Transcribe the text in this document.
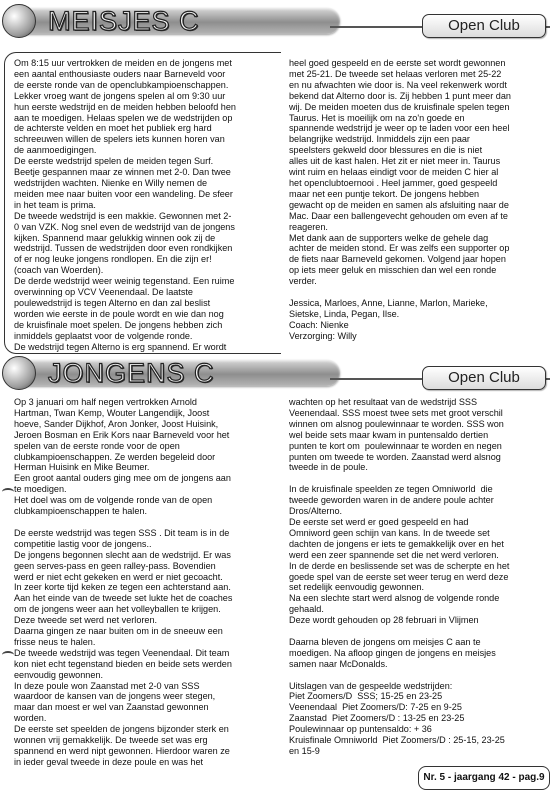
MEISJES C	Open Club

Om 8:15 uur vertrokken de meiden en de jongens met
een aantal enthousiaste ouders naar Barneveld voor
de eerste ronde van de openclubkampioenschappen.
Lekker vroeg want de jongens spelen al om 9:30 uur
hun eerste wedstrijd en de meiden hebben beloofd hen
aan te moedigen. Helaas spelen we de wedstrijden op
de achterste velden en moet het publiek erg hard
schreeuwen willen de spelers iets kunnen horen van
de aanmoedigingen.
De eerste wedstrijd spelen de meiden tegen Surf.
Beetje gespannen maar ze winnen met 2-0. Dan twee
wedstrijden wachten. Nienke en Willy nemen de
meiden mee naar buiten voor een wandeling. De sfeer
in het team is prima.
De tweede wedstrijd is een makkie. Gewonnen met 2-
0 van VZK. Nog snel even de wedstrijd van de jongens
kijken. Spannend maar gelukkig winnen ook zij de
wedstrijd. Tussen de wedstrijden door even rondkijken
of er nog leuke jongens rondlopen. En die zijn er!
(coach van Woerden).
De derde wedstrijd weer weinig tegenstand. Een ruime
overwinning op VCV Veenendaal. De laatste
poulewedstrijd is tegen Alterno en dan zal beslist
worden wie eerste in de poule wordt en wie dan nog
de kruisfinale moet spelen. De jongens hebben zich
inmiddels geplaatst voor de volgende ronde.
De wedstrijd tegen Alterno is erg spannend. Er wordt

heel goed gespeeld en de eerste set wordt gewonnen
met 25-21. De tweede set helaas verloren met 25-22
en nu afwachten wie door is. Na veel rekenwerk wordt
bekend dat Alterno door is. Zij hebben 1 punt meer dan
wij. De meiden moeten dus de kruisfinale spelen tegen
Taurus. Het is moeilijk om na zo'n goede en
spannende wedstrijd je weer op te laden voor een heel
belangrijke wedstrijd. Inmiddels zijn een paar
speelsters gekweld door blessures en die is niet
alles uit de kast halen. Het zit er niet meer in. Taurus
wint ruim en helaas eindigt voor de meiden C hier al
het openclubtoernooi . Heel jammer, goed gespeeld
maar net een puntje tekort. De jongens hebben
gewacht op de meiden en samen als afsluiting naar de
Mac. Daar een ballengevecht gehouden om even af te
reageren.
Met dank aan de supporters welke de gehele dag
achter de meiden stond. Er was zelfs een supporter op
de fiets naar Barneveld gekomen. Volgend jaar hopen
op iets meer geluk en misschien dan wel een ronde
verder.

Jessica, Marloes, Anne, Lianne, Marlon, Marieke,
Sietske, Linda, Pegan, Ilse.
Coach: Nienke
Verzorging: Willy

JONGENS C	Open Club

Op 3 januari om half negen vertrokken Arnold
Hartman, Twan Kemp, Wouter Langendijk, Joost
hoeve, Sander Dijkhof, Aron Jonker, Joost Huisink,
Jeroen Bosman en Erik Kors naar Barneveld voor het
spelen van de eerste ronde voor de open
clubkampioenschappen. Ze werden begeleid door
Herman Huisink en Mike Beumer.
Een groot aantal ouders ging mee om de jongens aan
te moedigen.
Het doel was om de volgende ronde van de open
clubkampioenschappen te halen.

De eerste wedstrijd was tegen SSS . Dit team is in de
competitie lastig voor de jongens..
De jongens begonnen slecht aan de wedstrijd. Er was
geen serves-pass en geen ralley-pass. Bovendien
werd er niet echt gekeken en werd er niet gecoacht.
In zeer korte tijd keken ze tegen een achterstand aan.
Aan het einde van de tweede set lukte het de coaches
om de jongens weer aan het volleyballen te krijgen.
Deze tweede set werd net verloren.
Daarna gingen ze naar buiten om in de sneeuw een
frisse neus te halen.
De tweede wedstrijd was tegen Veenendaal. Dit team
kon niet echt tegenstand bieden en beide sets werden
eenvoudig gewonnen.
In deze poule won Zaanstad met 2-0 van SSS
waardoor de kansen van de jongens weer stegen,
maar dan moest er wel van Zaanstad gewonnen
worden.
De eerste set speelden de jongens bijzonder sterk en
wonnen vrij gemakkelijk. De tweede set was erg
spannend en werd nipt gewonnen. Hierdoor waren ze
in ieder geval tweede in deze poule en was het

wachten op het resultaat van de wedstrijd SSS
Veenendaal. SSS moest twee sets met groot verschil
winnen om alsnog poulewinnaar te worden. SSS won
wel beide sets maar kwam in puntensaldo dertien
punten te kort om  poulewinnaar te worden en negen
punten om tweede te worden. Zaanstad werd alsnog
tweede in de poule.

In de kruisfinale speelden ze tegen Omniworld  die
tweede geworden waren in de andere poule achter
Dros/Alterno.
De eerste set werd er goed gespeeld en had
Omniword geen schijn van kans. In de tweede set
dachten de jongens er iets te gemakkelijk over en het
werd een zeer spannende set die net werd verloren.
In de derde en beslissende set was de scherpte en het
goede spel van de eerste set weer terug en werd deze
set redelijk eenvoudig gewonnen.
Na een slechte start werd alsnog de volgende ronde
gehaald.
Deze wordt gehouden op 28 februari in Vlijmen

Daarna bleven de jongens om meisjes C aan te
moedigen. Na afloop gingen de jongens en meisjes
samen naar McDonalds.

Uitslagen van de gespeelde wedstrijden:
Piet Zoomers/D  SSS; 15-25 en 23-25
Veenendaal  Piet Zoomers/D: 7-25 en 9-25
Zaanstad  Piet Zoomers/D : 13-25 en 23-25
Poulewinnaar op puntensaldo: + 36
Kruisfinale Omniworld  Piet Zoomers/D : 25-15, 23-25
en 15-9

Nr. 5 - jaargang 42 - pag.9
